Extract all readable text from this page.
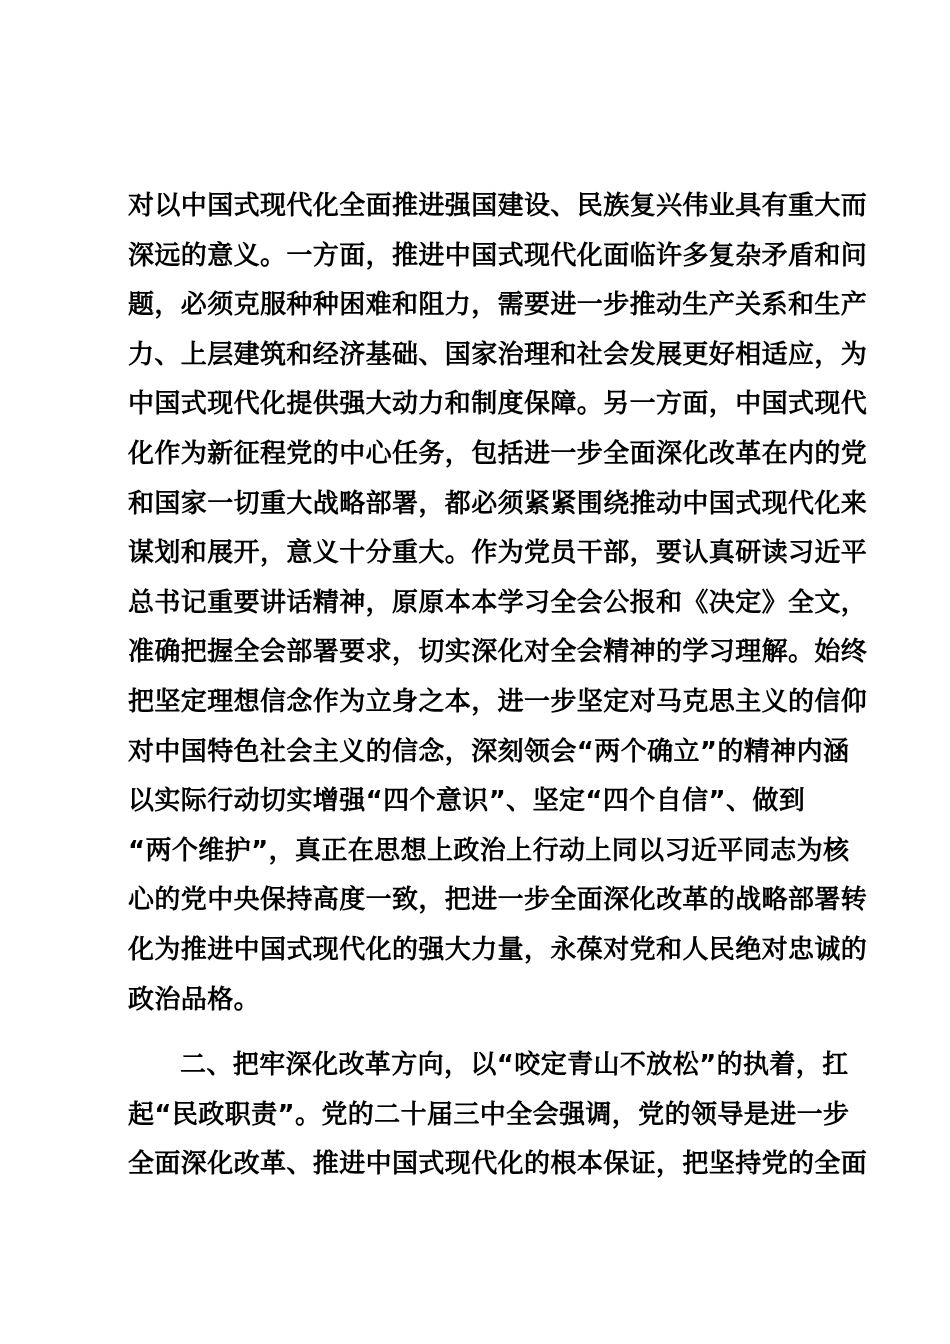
对以中国式现代化全面推进强国建设、民族复兴伟业具有重大而
深远的意义。一方面，推进中国式现代化面临许多复杂矛盾和问
题，必须克服种种困难和阻力，需要进一步推动生产关系和生产
力、上层建筑和经济基础、国家治理和社会发展更好相适应，为
中国式现代化提供强大动力和制度保障。另一方面，中国式现代
化作为新征程党的中心任务，包括进一步全面深化改革在内的党
和国家一切重大战略部署，都必须紧紧围绕推动中国式现代化来
谋划和展开，意义十分重大。作为党员干部，要认真研读习近平
总书记重要讲话精神，原原本本学习全会公报和《决定》全文，
准确把握全会部署要求，切实深化对全会精神的学习理解。始终
把坚定理想信念作为立身之本，进一步坚定对马克思主义的信仰
对中国特色社会主义的信念，深刻领会“两个确立”的精神内涵
以实际行动切实增强“四个意识”、坚定“四个自信”、做到
“两个维护”，真正在思想上政治上行动上同以习近平同志为核
心的党中央保持高度一致，把进一步全面深化改革的战略部署转
化为推进中国式现代化的强大力量，永葆对党和人民绝对忠诚的
政治品格。
二、把牢深化改革方向，以“咬定青山不放松”的执着，扛
起“民政职责”。党的二十届三中全会强调，党的领导是进一步
全面深化改革、推进中国式现代化的根本保证，把坚持党的全面
